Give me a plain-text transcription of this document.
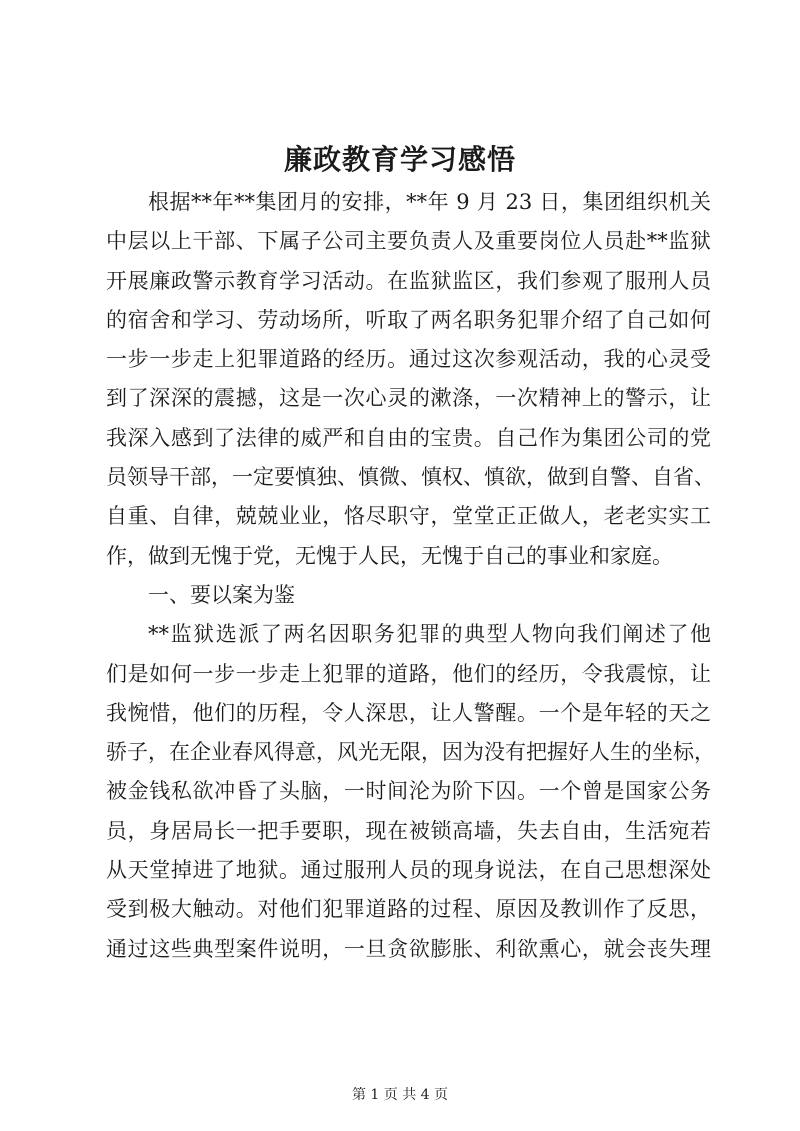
廉政教育学习感悟
根据**年**集团月的安排，**年 9 月 23 日，集团组织机关
中层以上干部、下属子公司主要负责人及重要岗位人员赴**监狱
开展廉政警示教育学习活动。在监狱监区，我们参观了服刑人员
的宿舍和学习、劳动场所，听取了两名职务犯罪介绍了自己如何
一步一步走上犯罪道路的经历。通过这次参观活动，我的心灵受
到了深深的震撼，这是一次心灵的漱涤，一次精神上的警示，让
我深入感到了法律的威严和自由的宝贵。自己作为集团公司的党
员领导干部，一定要慎独、慎微、慎权、慎欲，做到自警、自省、
自重、自律，兢兢业业，恪尽职守，堂堂正正做人，老老实实工
作，做到无愧于党，无愧于人民，无愧于自己的事业和家庭。
一、要以案为鉴
**监狱选派了两名因职务犯罪的典型人物向我们阐述了他
们是如何一步一步走上犯罪的道路，他们的经历，令我震惊，让
我惋惜，他们的历程，令人深思，让人警醒。一个是年轻的天之
骄子，在企业春风得意，风光无限，因为没有把握好人生的坐标，
被金钱私欲冲昏了头脑，一时间沦为阶下囚。一个曾是国家公务
员，身居局长一把手要职，现在被锁高墙，失去自由，生活宛若
从天堂掉进了地狱。通过服刑人员的现身说法，在自己思想深处
受到极大触动。对他们犯罪道路的过程、原因及教训作了反思，
通过这些典型案件说明，一旦贪欲膨胀、利欲熏心，就会丧失理
第 1 页 共 4 页
